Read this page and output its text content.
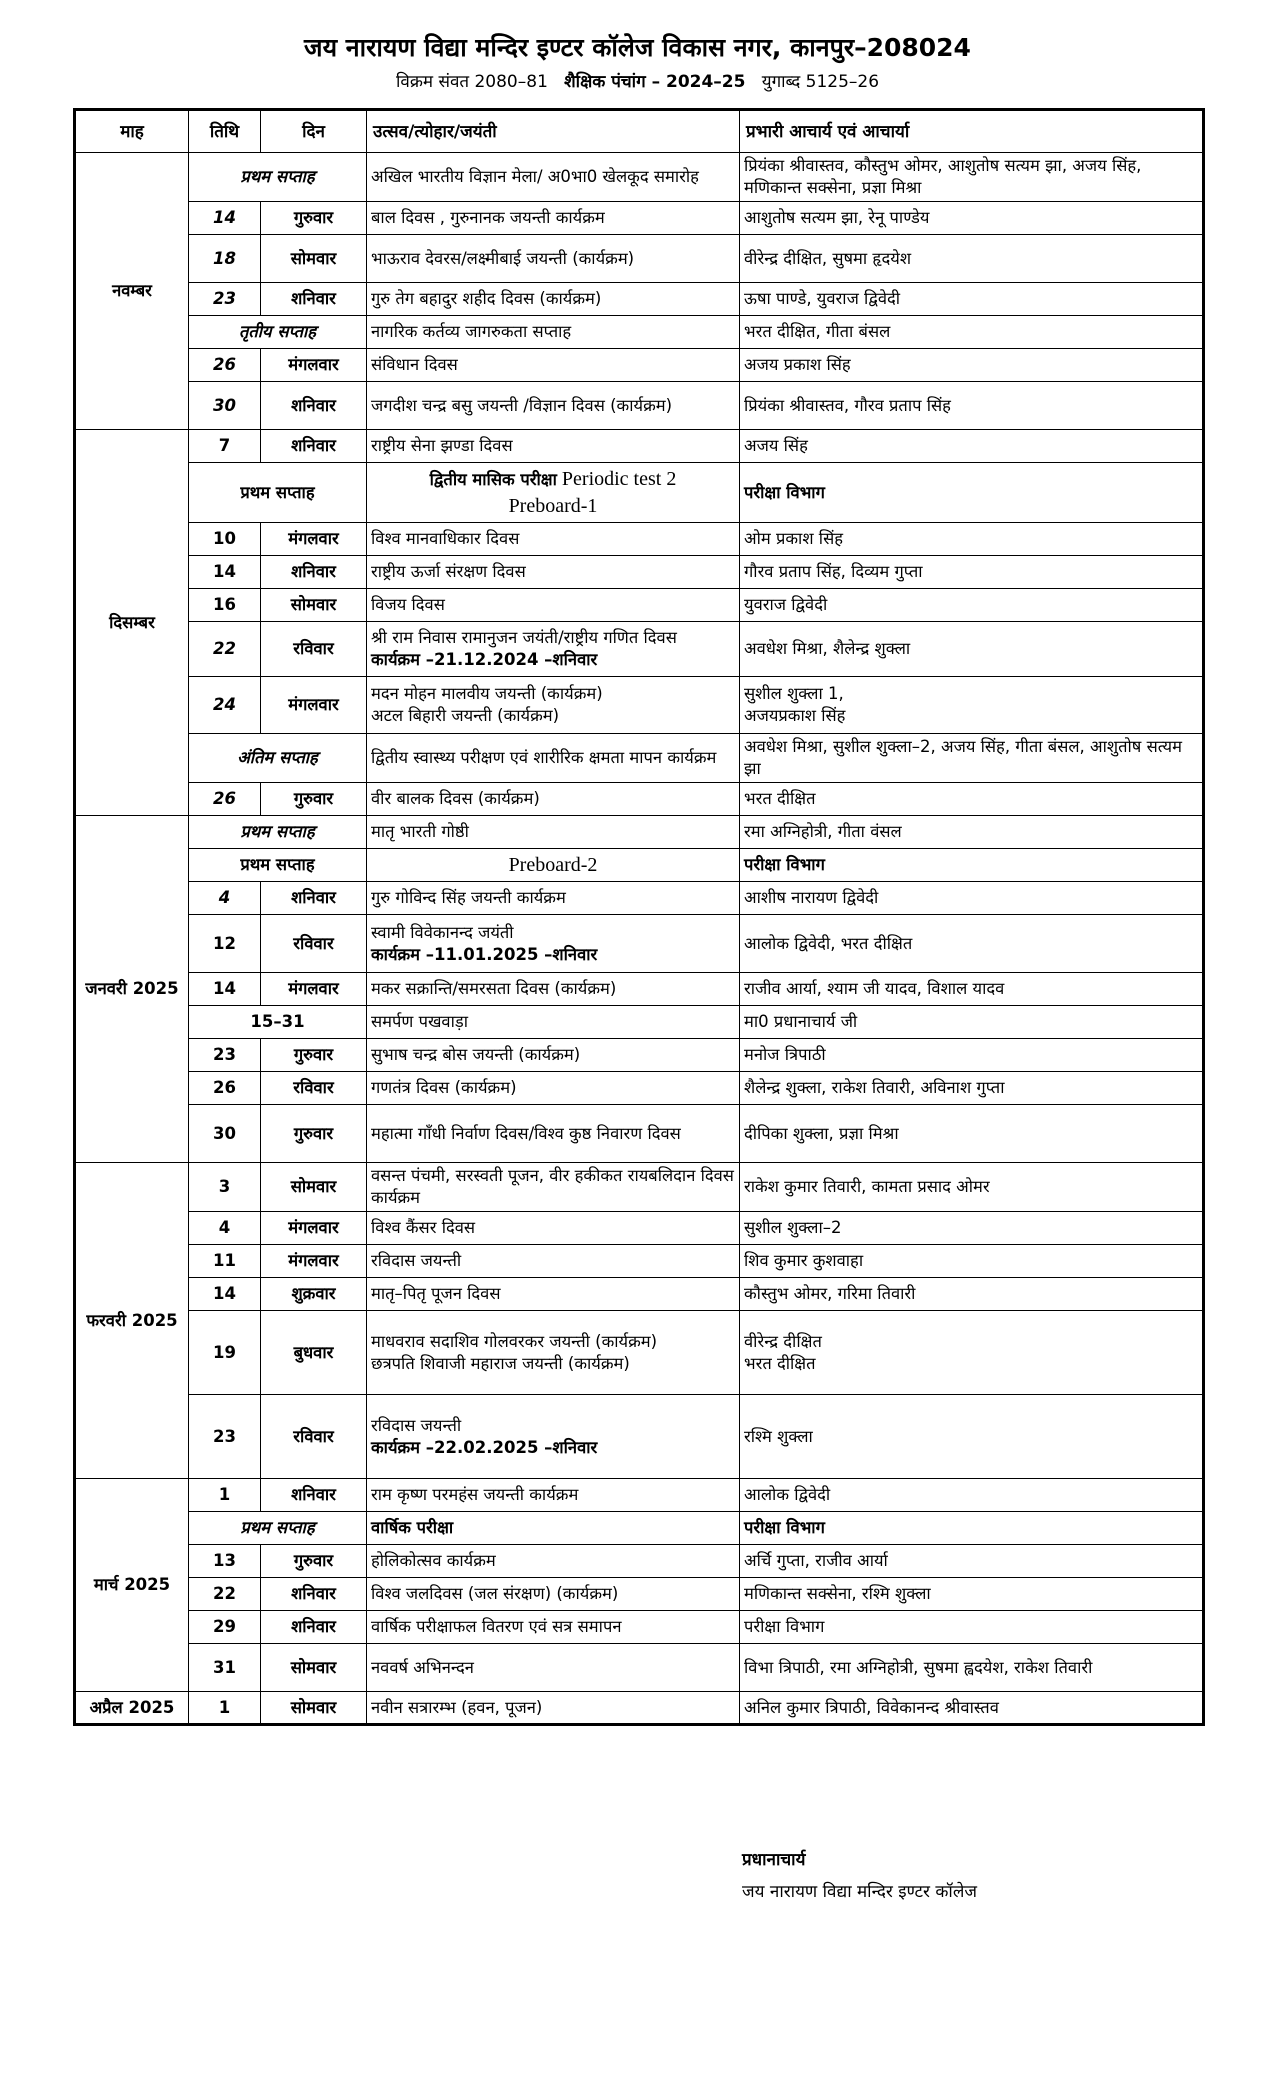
जय नारायण विद्या मन्दिर इण्टर कॉलेज विकास नगर, कानपुर–208024
विक्रम संवत 2080–81 शैक्षिक पंचांग – 2024–25 युगाब्द 5125–26
माह	तिथि	दिन	उत्सव/त्योहार/जयंती	प्रभारी आचार्य एवं आचार्या
नवम्बर	प्रथम सप्ताह		अखिल भारतीय विज्ञान मेला/ अ0भा0 खेलकूद समारोह	प्रियंका श्रीवास्तव, कौस्तुभ ओमर, आशुतोष सत्यम झा, अजय सिंह, मणिकान्त सक्सेना, प्रज्ञा मिश्रा

	14	गुरुवार	बाल दिवस , गुरुनानक जयन्ती कार्यक्रम	आशुतोष सत्यम झा, रेनू पाण्डेय

	18	सोमवार	भाऊराव देवरस/लक्ष्मीबाई जयन्ती (कार्यक्रम)	वीरेन्द्र दीक्षित, सुषमा हृदयेश

	23	शनिवार	गुरु तेग बहादुर शहीद दिवस (कार्यक्रम)	ऊषा पाण्डे, युवराज द्विवेदी

	तृतीय सप्ताह		नागरिक कर्तव्य जागरुकता सप्ताह	भरत दीक्षित, गीता बंसल

	26	मंगलवार	संविधान दिवस	अजय प्रकाश सिंह

	30	शनिवार	जगदीश चन्द्र बसु जयन्ती /विज्ञान दिवस (कार्यक्रम)	प्रियंका श्रीवास्तव, गौरव प्रताप सिंह

दिसम्बर	7	शनिवार	राष्ट्रीय सेना झण्डा दिवस	अजय सिंह

	प्रथम सप्ताह		द्वितीय मासिक परीक्षा Periodic test 2
Preboard-1	परीक्षा विभाग

	10	मंगलवार	विश्व मानवाधिकार दिवस	ओम प्रकाश सिंह

	14	शनिवार	राष्ट्रीय ऊर्जा संरक्षण दिवस	गौरव प्रताप सिंह, दिव्यम गुप्ता

	16	सोमवार	विजय दिवस	युवराज द्विवेदी

	22	रविवार	श्री राम निवास रामानुजन जयंती/राष्ट्रीय गणित दिवस
कार्यक्रम –21.12.2024 –शनिवार	अवधेश मिश्रा, शैलेन्द्र शुक्ला

	24	मंगलवार	मदन मोहन मालवीय जयन्ती (कार्यक्रम)
अटल बिहारी जयन्ती (कार्यक्रम)	सुशील शुक्ला 1,
अजयप्रकाश सिंह

	अंतिम सप्ताह		द्वितीय स्वास्थ्य परीक्षण एवं शारीरिक क्षमता मापन कार्यक्रम	अवधेश मिश्रा, सुशील शुक्ला–2, अजय सिंह, गीता बंसल, आशुतोष सत्यम झा

	26	गुरुवार	वीर बालक दिवस (कार्यक्रम)	भरत दीक्षित

जनवरी 2025	प्रथम सप्ताह		मातृ भारती गोष्ठी	रमा अग्निहोत्री, गीता वंसल

	प्रथम सप्ताह		Preboard-2	परीक्षा विभाग

	4	शनिवार	गुरु गोविन्द सिंह जयन्ती कार्यक्रम	आशीष नारायण द्विवेदी

	12	रविवार	स्वामी विवेकानन्द जयंती
कार्यक्रम –11.01.2025 –शनिवार	आलोक द्विवेदी, भरत दीक्षित

	14	मंगलवार	मकर सक्रान्ति/समरसता दिवस (कार्यक्रम)	राजीव आर्या, श्याम जी यादव, विशाल यादव

	15–31		समर्पण पखवाड़ा	मा0 प्रधानाचार्य जी

	23	गुरुवार	सुभाष चन्द्र बोस जयन्ती (कार्यक्रम)	मनोज त्रिपाठी

	26	रविवार	गणतंत्र दिवस (कार्यक्रम)	शैलेन्द्र शुक्ला, राकेश तिवारी, अविनाश गुप्ता

	30	गुरुवार	महात्मा गाँधी निर्वाण दिवस/विश्व कुष्ठ निवारण दिवस	दीपिका शुक्ला, प्रज्ञा मिश्रा

फरवरी 2025	3	सोमवार	वसन्त पंचमी, सरस्वती पूजन, वीर हकीकत रायबलिदान दिवस कार्यक्रम	राकेश कुमार तिवारी, कामता प्रसाद ओमर

	4	मंगलवार	विश्व कैंसर दिवस	सुशील शुक्ला–2

	11	मंगलवार	रविदास जयन्ती	शिव कुमार कुशवाहा

	14	शुक्रवार	मातृ–पितृ पूजन दिवस	कौस्तुभ ओमर, गरिमा तिवारी

	19	बुधवार	माधवराव सदाशिव गोलवरकर जयन्ती (कार्यक्रम)
छत्रपति शिवाजी महाराज जयन्ती (कार्यक्रम)	वीरेन्द्र दीक्षित
भरत दीक्षित

	23	रविवार	रविदास जयन्ती
कार्यक्रम –22.02.2025 –शनिवार	रश्मि शुक्ला

मार्च 2025	1	शनिवार	राम कृष्ण परमहंस जयन्ती कार्यक्रम	आलोक द्विवेदी

	प्रथम सप्ताह		वार्षिक परीक्षा	परीक्षा विभाग

	13	गुरुवार	होलिकोत्सव कार्यक्रम	अर्चि गुप्ता, राजीव आर्या

	22	शनिवार	विश्व जलदिवस (जल संरक्षण) (कार्यक्रम)	मणिकान्त सक्सेना, रश्मि शुक्ला

	29	शनिवार	वार्षिक परीक्षाफल वितरण एवं सत्र समापन	परीक्षा विभाग

	31	सोमवार	नववर्ष अभिनन्दन	विभा त्रिपाठी, रमा अग्निहोत्री, सुषमा ह्वदयेश, राकेश तिवारी

अप्रैल 2025	1	सोमवार	नवीन सत्रारम्भ (हवन, पूजन)	अनिल कुमार त्रिपाठी, विवेकानन्द श्रीवास्तव
प्रधानाचार्य
जय नारायण विद्या मन्दिर इण्टर कॉलेज
